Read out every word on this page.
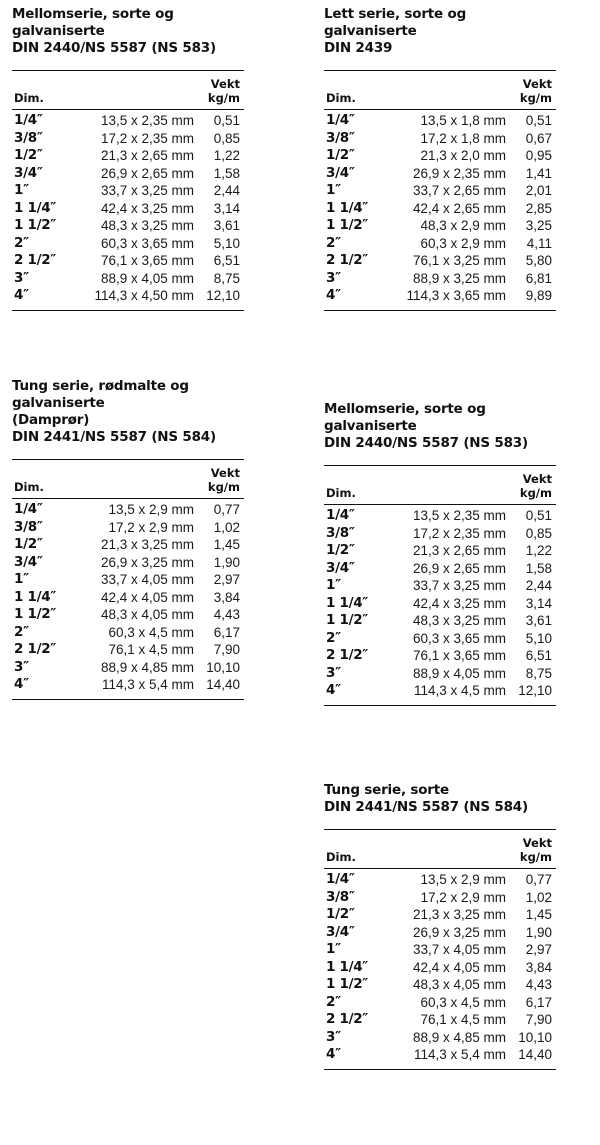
Mellomserie, sorte og galvaniserte

DIN 2440/NS 5587 (NS 583)

Dim.
Vekt
kg/m
1/4″	13,5 x 2,35 mm 0,51
3/8″	17,2 x 2,35 mm 0,85
1/2″	21,3 x 2,65 mm 1,22
3/4″	26,9 x 2,65 mm 1,58
1″	33,7 x 3,25 mm 2,44
1 1/4″	42,4 x 3,25 mm 3,14
1 1/2″	48,3 x 3,25 mm 3,61
2″	60,3 x 3,65 mm 5,10
2 1/2″	76,1 x 3,65 mm 6,51
3″	88,9 x 4,05 mm 8,75
4″	114,3 x 4,50 mm 12,10

Lett serie, sorte og galvaniserte

DIN 2439

Dim.
Vekt
kg/m
1/4″	13,5 x 1,8 mm 0,51
3/8″	17,2 x 1,8 mm 0,67
1/2″	21,3 x 2,0 mm 0,95
3/4″	26,9 x 2,35 mm 1,41
1″	33,7 x 2,65 mm 2,01
1 1/4″	42,4 x 2,65 mm 2,85
1 1/2″	48,3 x 2,9 mm 3,25
2″	60,3 x 2,9 mm 4,11
2 1/2″	76,1 x 3,25 mm 5,80
3″	88,9 x 3,25 mm 6,81
4″	114,3 x 3,65 mm 9,89

Tung serie, rødmalte og galvaniserte

(Damprør)

DIN 2441/NS 5587 (NS 584)

Dim.
Vekt
kg/m
1/4″	13,5 x 2,9 mm 0,77
3/8″	17,2 x 2,9 mm 1,02
1/2″	21,3 x 3,25 mm 1,45
3/4″	26,9 x 3,25 mm 1,90
1″	33,7 x 4,05 mm 2,97
1 1/4″	42,4 x 4,05 mm 3,84
1 1/2″	48,3 x 4,05 mm 4,43
2″	60,3 x 4,5 mm 6,17
2 1/2″	76,1 x 4,5 mm 7,90
3″	88,9 x 4,85 mm 10,10
4″	114,3 x 5,4 mm 14,40

Mellomserie, sorte og galvaniserte

DIN 2440/NS 5587 (NS 583)

Dim.
Vekt
kg/m
1/4″	13,5 x 2,35 mm 0,51
3/8″	17,2 x 2,35 mm 0,85
1/2″	21,3 x 2,65 mm 1,22
3/4″	26,9 x 2,65 mm 1,58
1″	33,7 x 3,25 mm 2,44
1 1/4″	42,4 x 3,25 mm 3,14
1 1/2″	48,3 x 3,25 mm 3,61
2″	60,3 x 3,65 mm 5,10
2 1/2″	76,1 x 3,65 mm 6,51
3″	88,9 x 4,05 mm 8,75
4″	114,3 x 4,5 mm 12,10

Tung serie, sorte

DIN 2441/NS 5587 (NS 584)

Dim.
Vekt
kg/m
1/4″	13,5 x 2,9 mm 0,77
3/8″	17,2 x 2,9 mm 1,02
1/2″	21,3 x 3,25 mm 1,45
3/4″	26,9 x 3,25 mm 1,90
1″	33,7 x 4,05 mm 2,97
1 1/4″	42,4 x 4,05 mm 3,84
1 1/2″	48,3 x 4,05 mm 4,43
2″	60,3 x 4,5 mm 6,17
2 1/2″	76,1 x 4,5 mm 7,90
3″	88,9 x 4,85 mm 10,10
4″	114,3 x 5,4 mm 14,40
